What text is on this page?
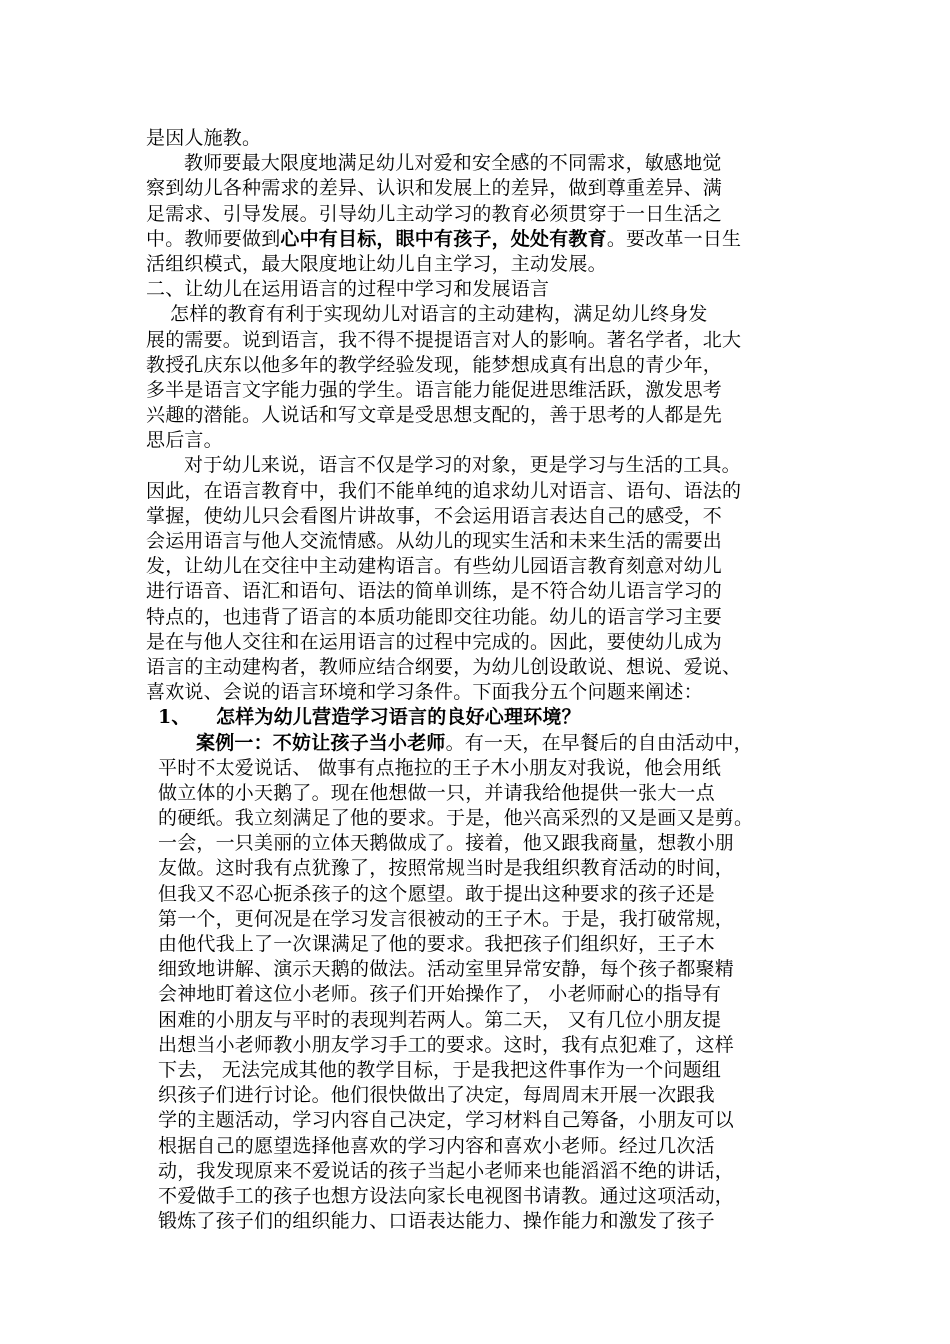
是因人施教。
教师要最大限度地满足幼儿对爱和安全感的不同需求，敏感地觉
察到幼儿各种需求的差异、认识和发展上的差异，做到尊重差异、满
足需求、引导发展。引导幼儿主动学习的教育必须贯穿于一日生活之
中。教师要做到心中有目标，眼中有孩子，处处有教育。要改革一日生
活组织模式，最大限度地让幼儿自主学习，主动发展。
二、让幼儿在运用语言的过程中学习和发展语言
怎样的教育有利于实现幼儿对语言的主动建构，满足幼儿终身发
展的需要。说到语言，我不得不提提语言对人的影响。著名学者，北大
教授孔庆东以他多年的教学经验发现，能梦想成真有出息的青少年，
多半是语言文字能力强的学生。语言能力能促进思维活跃，激发思考
兴趣的潜能。人说话和写文章是受思想支配的，善于思考的人都是先
思后言。
对于幼儿来说，语言不仅是学习的对象，更是学习与生活的工具。
因此，在语言教育中，我们不能单纯的追求幼儿对语言、语句、语法的
掌握，使幼儿只会看图片讲故事，不会运用语言表达自己的感受，不
会运用语言与他人交流情感。从幼儿的现实生活和未来生活的需要出
发，让幼儿在交往中主动建构语言。有些幼儿园语言教育刻意对幼儿
进行语音、语汇和语句、语法的简单训练，是不符合幼儿语言学习的
特点的，也违背了语言的本质功能即交往功能。幼儿的语言学习主要
是在与他人交往和在运用语言的过程中完成的。因此，要使幼儿成为
语言的主动建构者，教师应结合纲要，为幼儿创设敢说、想说、爱说、
喜欢说、会说的语言环境和学习条件。下面我分五个问题来阐述：
1、 怎样为幼儿营造学习语言的良好心理环境？
案例一：不妨让孩子当小老师。有一天，在早餐后的自由活动中，
平时不太爱说话、 做事有点拖拉的王子木小朋友对我说，他会用纸
做立体的小天鹅了。现在他想做一只，并请我给他提供一张大一点
的硬纸。我立刻满足了他的要求。于是，他兴高采烈的又是画又是剪。
一会，一只美丽的立体天鹅做成了。接着，他又跟我商量，想教小朋
友做。这时我有点犹豫了，按照常规当时是我组织教育活动的时间，
但我又不忍心扼杀孩子的这个愿望。敢于提出这种要求的孩子还是
第一个，更何况是在学习发言很被动的王子木。于是，我打破常规，
由他代我上了一次课满足了他的要求。我把孩子们组织好，王子木
细致地讲解、演示天鹅的做法。活动室里异常安静，每个孩子都聚精
会神地盯着这位小老师。孩子们开始操作了， 小老师耐心的指导有
困难的小朋友与平时的表现判若两人。第二天， 又有几位小朋友提
出想当小老师教小朋友学习手工的要求。这时，我有点犯难了，这样
下去， 无法完成其他的教学目标，于是我把这件事作为一个问题组
织孩子们进行讨论。他们很快做出了决定，每周周末开展一次跟我
学的主题活动，学习内容自己决定，学习材料自己筹备，小朋友可以
根据自己的愿望选择他喜欢的学习内容和喜欢小老师。经过几次活
动，我发现原来不爱说话的孩子当起小老师来也能滔滔不绝的讲话，
不爱做手工的孩子也想方设法向家长电视图书请教。通过这项活动，
锻炼了孩子们的组织能力、口语表达能力、操作能力和激发了孩子
